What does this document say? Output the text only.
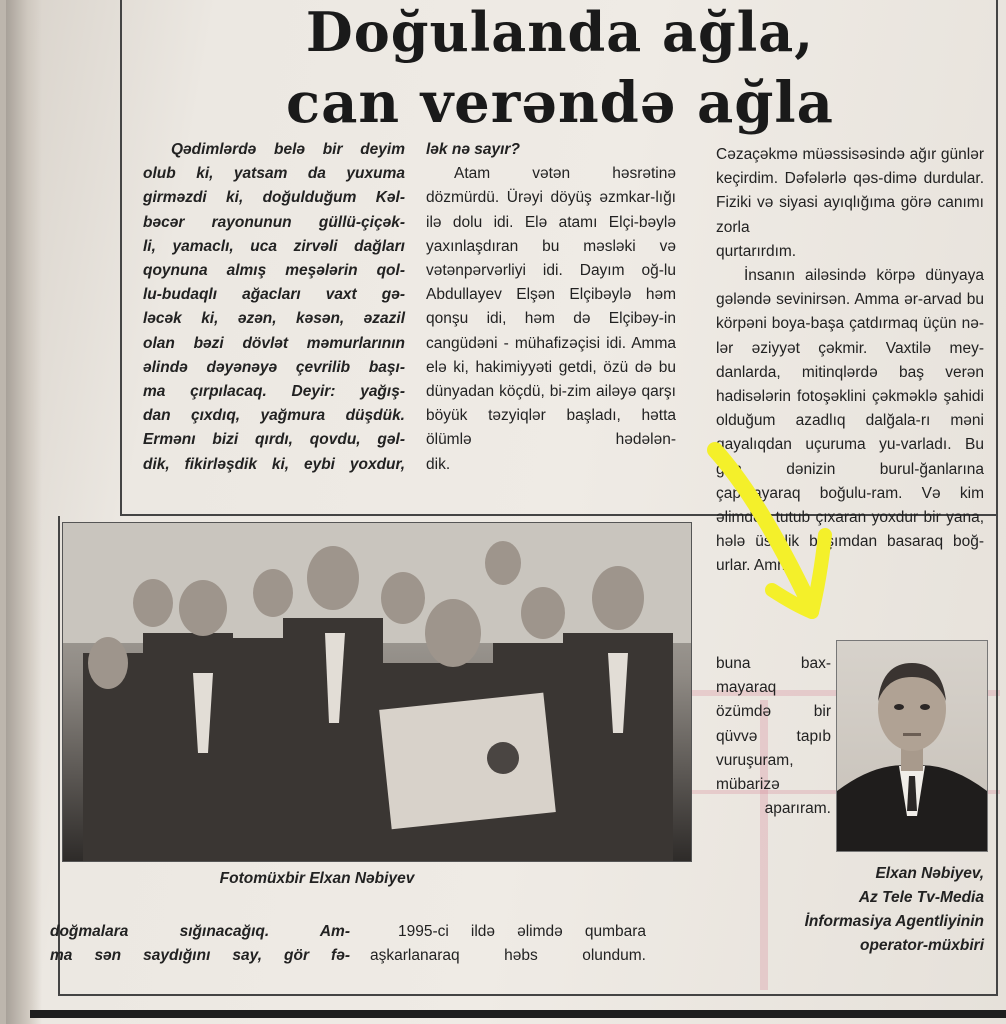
Doğulanda ağla,
can verəndə ağla

Qədimlərdə belə bir deyim

olub ki, yatsam da yuxuma

girməzdi ki, doğulduğum Kəl-

bəcər rayonunun güllü-çiçək-

li, yamaclı, uca zirvəli dağları

qoynuna almış meşələrin qol-

lu-budaqlı ağacları vaxt gə-

ləcək ki, əzən, kəsən, əzazil

olan bəzi dövlət məmurlarının

əlində dəyənəyə çevrilib başı-

ma çırpılacaq. Deyir: yağış-

dan çıxdıq, yağmura düşdük.

Ermənı bizi qırdı, qovdu, gəl-

dik, fikirləşdik ki, eybi yoxdur,

lək nə sayır?

Atam vətən həsrətinə dözmürdü. Ürəyi döyüş əzmkar-lığı ilə dolu idi. Elə atamı Elçi-bəylə yaxınlaşdıran bu məsləki və vətənpərvərliyi idi. Dayım oğ-lu Abdullayev Elşən Elçibəylə həm qonşu idi, həm də Elçibəy-in cangüdəni - mühafizəçisi idi. Amma elə ki, hakimiyyəti getdi, özü də bu dünyadan köçdü, bi-zim ailəyə qarşı böyük təzyiqlər başladı, hətta ölümlə hədələn-

dik.

Cəzaçəkmə müəssisəsində ağır günlər keçirdim. Dəfələrlə qəs-dimə durdular. Fiziki və siyasi ayıqlığıma görə canımı zorla

qurtarırdım.

İnsanın ailəsində körpə dünyaya gələndə sevinirsən. Amma ər-arvad bu körpəni boya-başa çatdırmaq üçün nə-lər əziyyət çəkmir. Vaxtilə mey-danlarda, mitinqlərdə baş verən hadisələrin fotoşəklini çəkməklə şahidi olduğum azadlıq dalğala-rı məni qayalıqdan uçuruma yu-varladı. Bu gün dənizin burul-ğanlarına çapalayaraq boğulu-ram. Və kim əlimdən tutub çıxaran yoxdur bir yana, hələ üstəlik başımdan basaraq boğ-

urlar. Amma

buna bax-

mayaraq

özümdə bir

qüvvə tapıb

vuruşuram,

mübarizə

aparıram.

Fotomüxbir Elxan Nəbiyev	Elxan Nəbiyev,
Az Tele Tv-Media
İnformasiya Agentliyinin
operator-müxbiri

doğmalara sığınacağıq. Am-

ma sən saydığını say, gör fə-

1995-ci ildə əlimdə qumbara

aşkarlanaraq həbs olundum.
